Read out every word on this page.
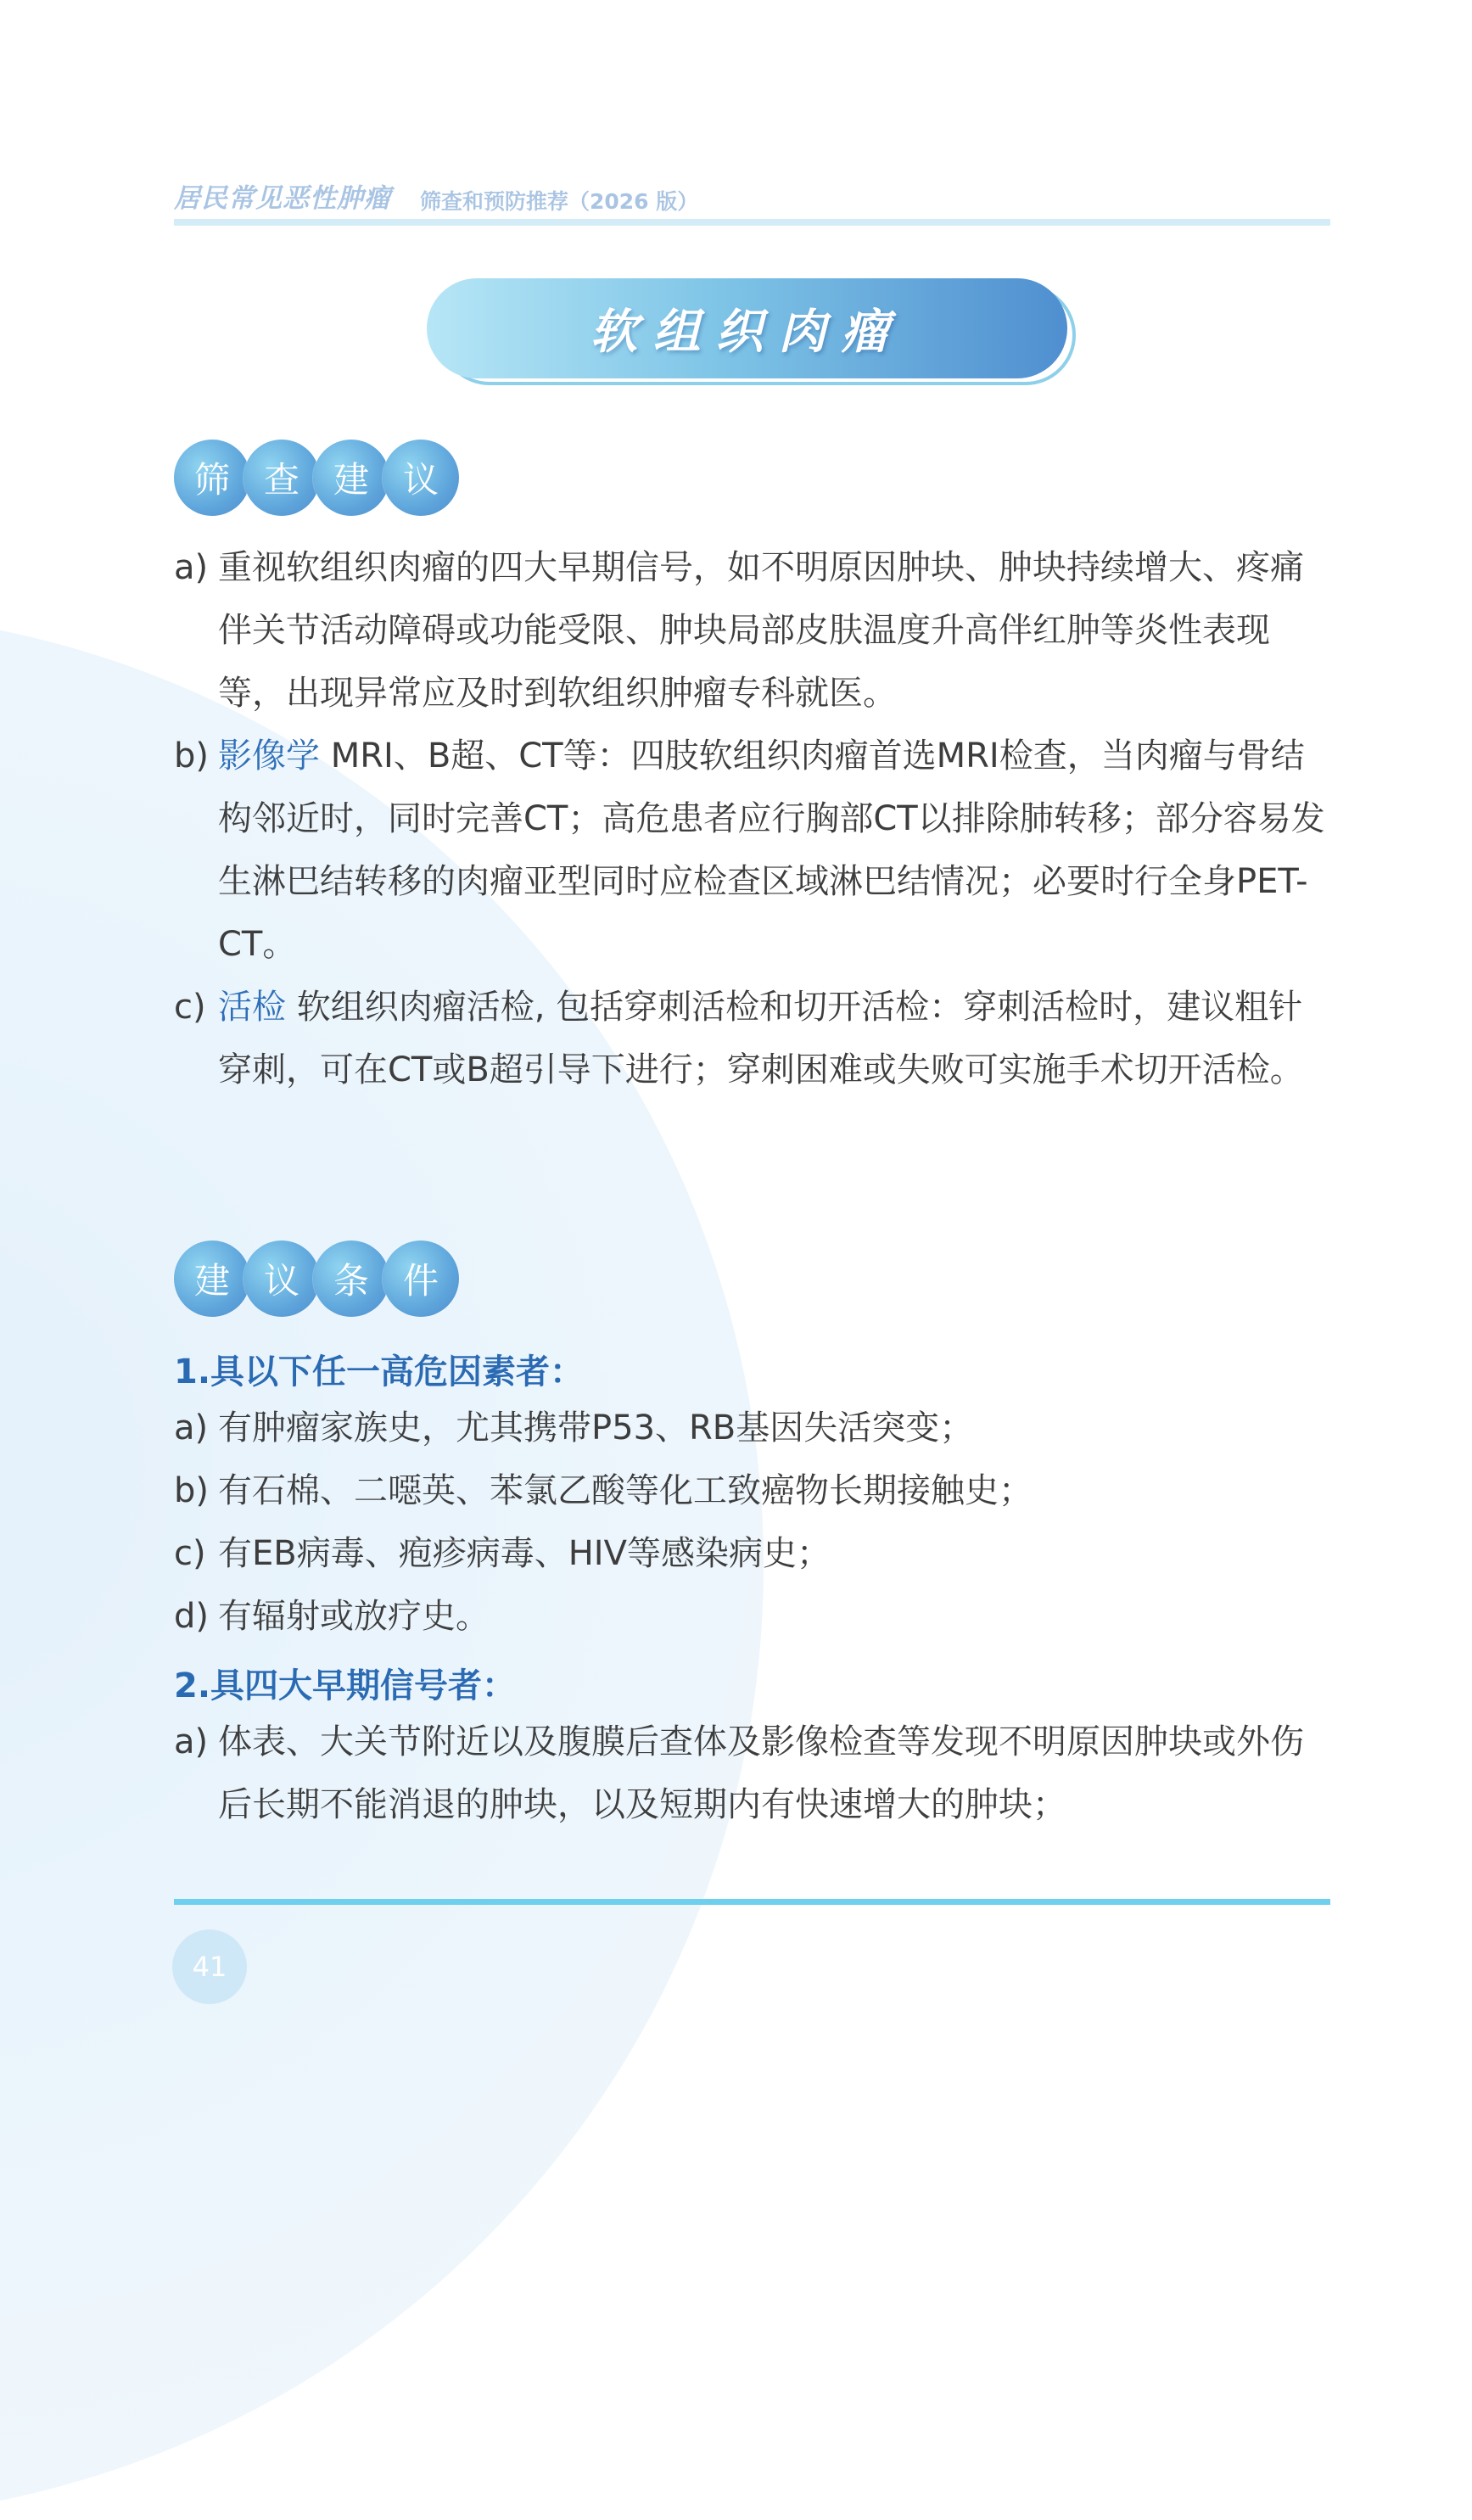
居民常见恶性肿瘤 筛查和预防推荐（2026 版）
软组织肉瘤
筛 查 建 议
a) 重视软组织肉瘤的四大早期信号，如不明原因肿块、肿块持续增大、疼痛伴关节活动障碍或功能受限、肿块局部皮肤温度升高伴红肿等炎性表现等，出现异常应及时到软组织肿瘤专科就医。
b) 影像学 MRI、B超、CT等：四肢软组织肉瘤首选MRI检查，当肉瘤与骨结构邻近时，同时完善CT；高危患者应行胸部CT以排除肺转移；部分容易发生淋巴结转移的肉瘤亚型同时应检查区域淋巴结情况；必要时行全身PET-CT。
c) 活检 软组织肉瘤活检, 包括穿刺活检和切开活检：穿刺活检时，建议粗针穿刺，可在CT或B超引导下进行；穿刺困难或失败可实施手术切开活检。
建 议 条 件
1.具以下任一高危因素者：
a) 有肿瘤家族史，尤其携带P53、RB基因失活突变；
b) 有石棉、二噁英、苯氯乙酸等化工致癌物长期接触史；
c) 有EB病毒、疱疹病毒、HIV等感染病史；
d) 有辐射或放疗史。
2.具四大早期信号者：
a) 体表、大关节附近以及腹膜后查体及影像检查等发现不明原因肿块或外伤后长期不能消退的肿块，以及短期内有快速增大的肿块；
41
